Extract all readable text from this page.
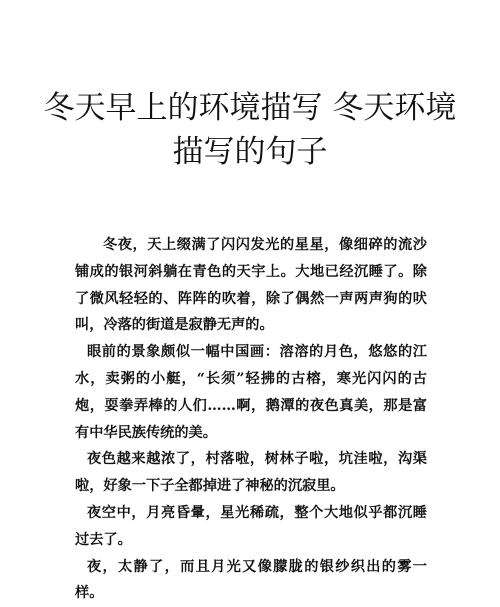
冬天早上的环境描写 冬天环境描写的句子

冬夜，天上缀满了闪闪发光的星星，像细碎的流沙铺成的银河斜躺在青色的天宇上。大地已经沉睡了。除了微风轻轻的、阵阵的吹着，除了偶然一声两声狗的吠叫，冷落的街道是寂静无声的。

眼前的景象颇似一幅中国画：溶溶的月色，悠悠的江水，卖粥的小艇，“长须”轻拂的古榕，寒光闪闪的古炮，耍拳弄棒的人们……啊，鹅潭的夜色真美，那是富有中华民族传统的美。

夜色越来越浓了，村落啦，树林子啦，坑洼啦，沟渠啦，好象一下子全都掉进了神秘的沉寂里。

夜空中，月亮昏暈，星光稀疏，整个大地似乎都沉睡过去了。

夜，太静了，而且月光又像朦胧的银纱织出的雾一样。
